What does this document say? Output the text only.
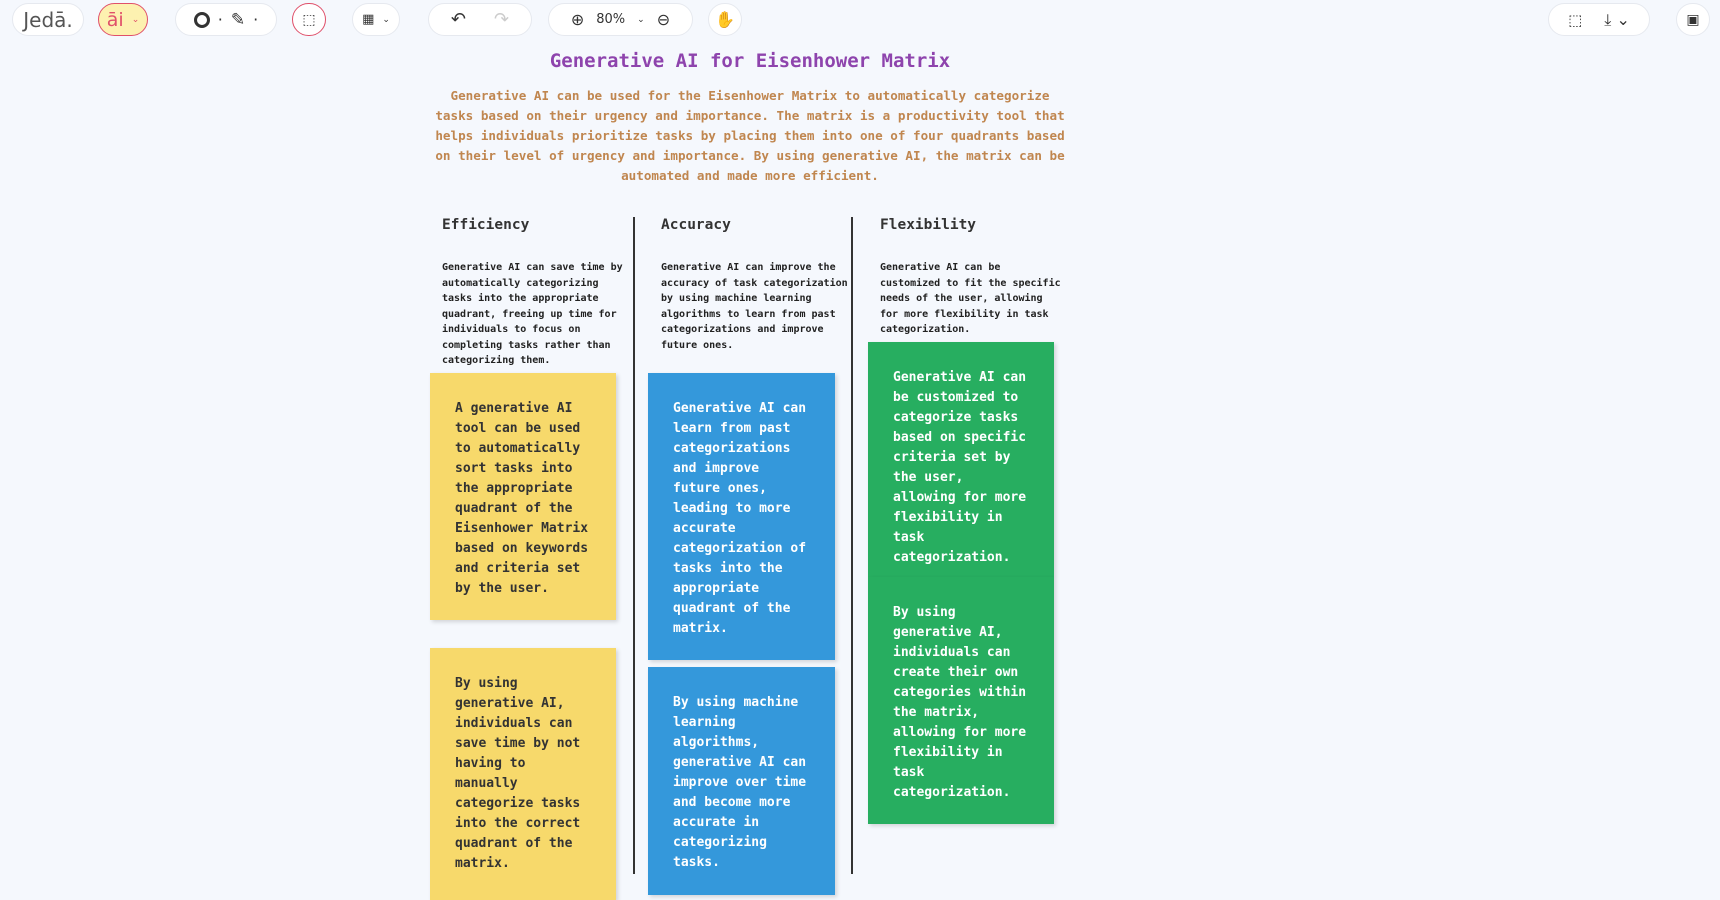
Jedā. āi ⌄	· ✎ ·	⬚	▦ ⌄	↶ ↷	⊕ 80% ⌄ ⊖	✋	⬚ ⤓ ⌄	▣
Generative AI for Eisenhower Matrix
Generative AI can be used for the Eisenhower Matrix to automatically categorize tasks based on their urgency and importance. The matrix is a productivity tool that helps individuals prioritize tasks by placing them into one of four quadrants based on their level of urgency and importance. By using generative AI, the matrix can be automated and made more efficient.
Efficiency
Generative AI can save time by automatically categorizing tasks into the appropriate quadrant, freeing up time for individuals to focus on completing tasks rather than categorizing them.
Accuracy
Generative AI can improve the accuracy of task categorization by using machine learning algorithms to learn from past categorizations and improve future ones.
Flexibility
Generative AI can be customized to fit the specific needs of the user, allowing for more flexibility in task categorization.
A generative AI tool can be used to automatically sort tasks into the appropriate quadrant of the Eisenhower Matrix based on keywords and criteria set by the user.
By using generative AI, individuals can save time by not having to manually categorize tasks into the correct quadrant of the matrix.
Generative AI can learn from past categorizations and improve future ones, leading to more accurate categorization of tasks into the appropriate quadrant of the matrix.
By using machine learning algorithms, generative AI can improve over time and become more accurate in categorizing tasks.
Generative AI can be customized to categorize tasks based on specific criteria set by the user, allowing for more flexibility in task categorization.
By using generative AI, individuals can create their own categories within the matrix, allowing for more flexibility in task categorization.
